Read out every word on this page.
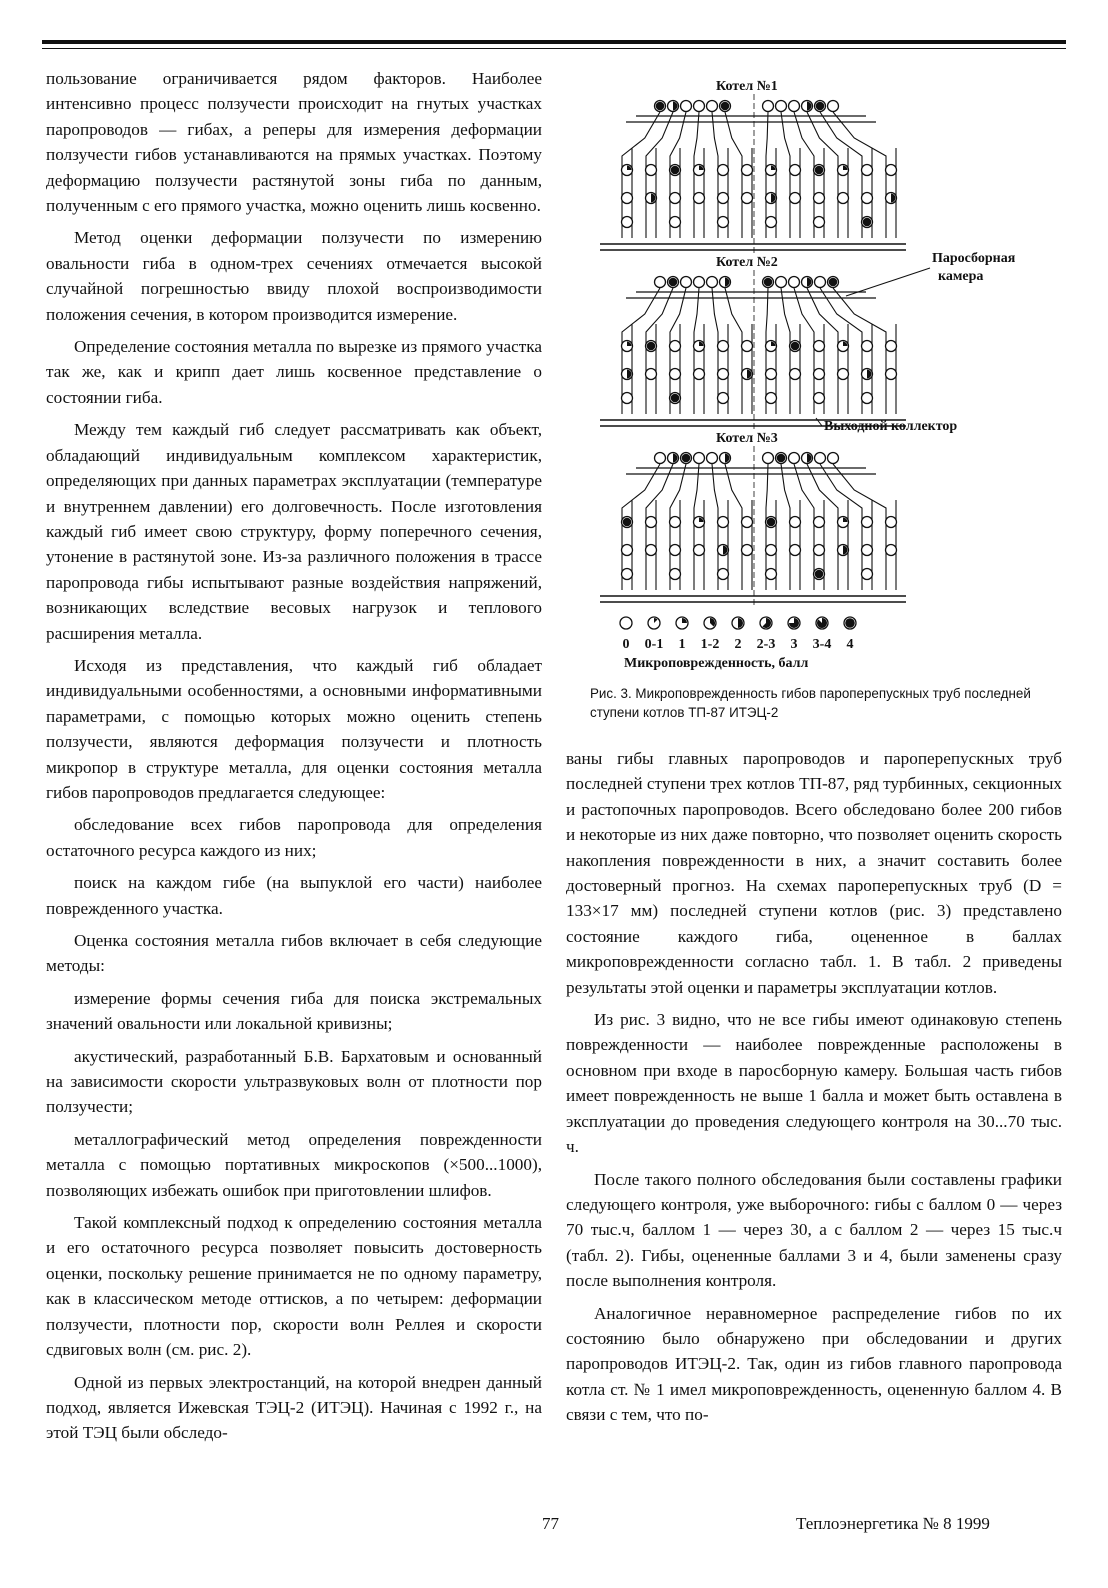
пользование ограничивается рядом факторов. Наиболее интенсивно процесс ползучести происходит на гнутых участках паропроводов — гибах, а реперы для измерения деформации ползучести гибов устанавливаются на прямых участках. Поэтому деформацию ползучести растянутой зоны гиба по данным, полученным с его прямого участка, можно оценить лишь косвенно.

Метод оценки деформации ползучести по измерению овальности гиба в одном-трех сечениях отмечается высокой случайной погрешностью ввиду плохой воспроизводимости положения сечения, в котором производится измерение.

Определение состояния металла по вырезке из прямого участка так же, как и крипп дает лишь косвенное представление о состоянии гиба.

Между тем каждый гиб следует рассматривать как объект, обладающий индивидуальным комплексом характеристик, определяющих при данных параметрах эксплуатации (температуре и внутреннем давлении) его долговечность. После изготовления каждый гиб имеет свою структуру, форму поперечного сечения, утонение в растянутой зоне. Из-за различного положения в трассе паропровода гибы испытывают разные воздействия напряжений, возникающих вследствие весовых нагрузок и теплового расширения металла.

Исходя из представления, что каждый гиб обладает индивидуальными особенностями, а основными информативными параметрами, с помощью которых можно оценить степень ползучести, являются деформация ползучести и плотность микропор в структуре металла, для оценки состояния металла гибов паропроводов предлагается следующее:

обследование всех гибов паропровода для определения остаточного ресурса каждого из них;

поиск на каждом гибе (на выпуклой его части) наиболее поврежденного участка.

Оценка состояния металла гибов включает в себя следующие методы:

измерение формы сечения гиба для поиска экстремальных значений овальности или локальной кривизны;

акустический, разработанный Б.В. Бархатовым и основанный на зависимости скорости ультразвуковых волн от плотности пор ползучести;

металлографический метод определения поврежденности металла с помощью портативных микроскопов (×500...1000), позволяющих избежать ошибок при приготовлении шлифов.

Такой комплексный подход к определению состояния металла и его остаточного ресурса позволяет повысить достоверность оценки, поскольку решение принимается не по одному параметру, как в классическом методе оттисков, а по четырем: деформации ползучести, плотности пор, скорости волн Реллея и скорости сдвиговых волн (см. рис. 2).

Одной из первых электростанций, на которой внедрен данный подход, является Ижевская ТЭЦ-2 (ИТЭЦ). Начиная с 1992 г., на этой ТЭЦ были обследо-

ваны гибы главных паропроводов и пароперепускных труб последней ступени трех котлов ТП-87, ряд турбинных, секционных и растопочных паропроводов. Всего обследовано более 200 гибов и некоторые из них даже повторно, что позволяет оценить скорость накопления поврежденности в них, а значит составить более достоверный прогноз. На схемах пароперепускных труб (D = 133×17 мм) последней ступени котлов (рис. 3) представлено состояние каждого гиба, оцененное в баллах микроповрежденности согласно табл. 1. В табл. 2 приведены результаты этой оценки и параметры эксплуатации котлов.

Из рис. 3 видно, что не все гибы имеют одинаковую степень поврежденности — наиболее поврежденные расположены в основном при входе в паросборную камеру. Большая часть гибов имеет поврежденность не выше 1 балла и может быть оставлена в эксплуатации до проведения следующего контроля на 30...70 тыс. ч.

После такого полного обследования были составлены графики следующего контроля, уже выборочного: гибы с баллом 0 — через 70 тыс.ч, баллом 1 — через 30, а с баллом 2 — через 15 тыс.ч (табл. 2). Гибы, оцененные баллами 3 и 4, были заменены сразу после выполнения контроля.

Аналогичное неравномерное распределение гибов по их состоянию было обнаружено при обследовании и других паропроводов ИТЭЦ-2. Так, один из гибов главного паропровода котла ст. № 1 имел микроповрежденность, оцененную баллом 4. В связи с тем, что по-

Котел №1
Котел №2
Котел №3
Паросборная
камера
Выходной коллектор
0 0-1 1 1-2 2 2-3 3 3-4 4
Микроповрежденность, балл
Рис. 3. Микроповрежденность гибов пароперепускных труб последней ступени котлов ТП-87 ИТЭЦ-2
77	Теплоэнергетика № 8 1999
